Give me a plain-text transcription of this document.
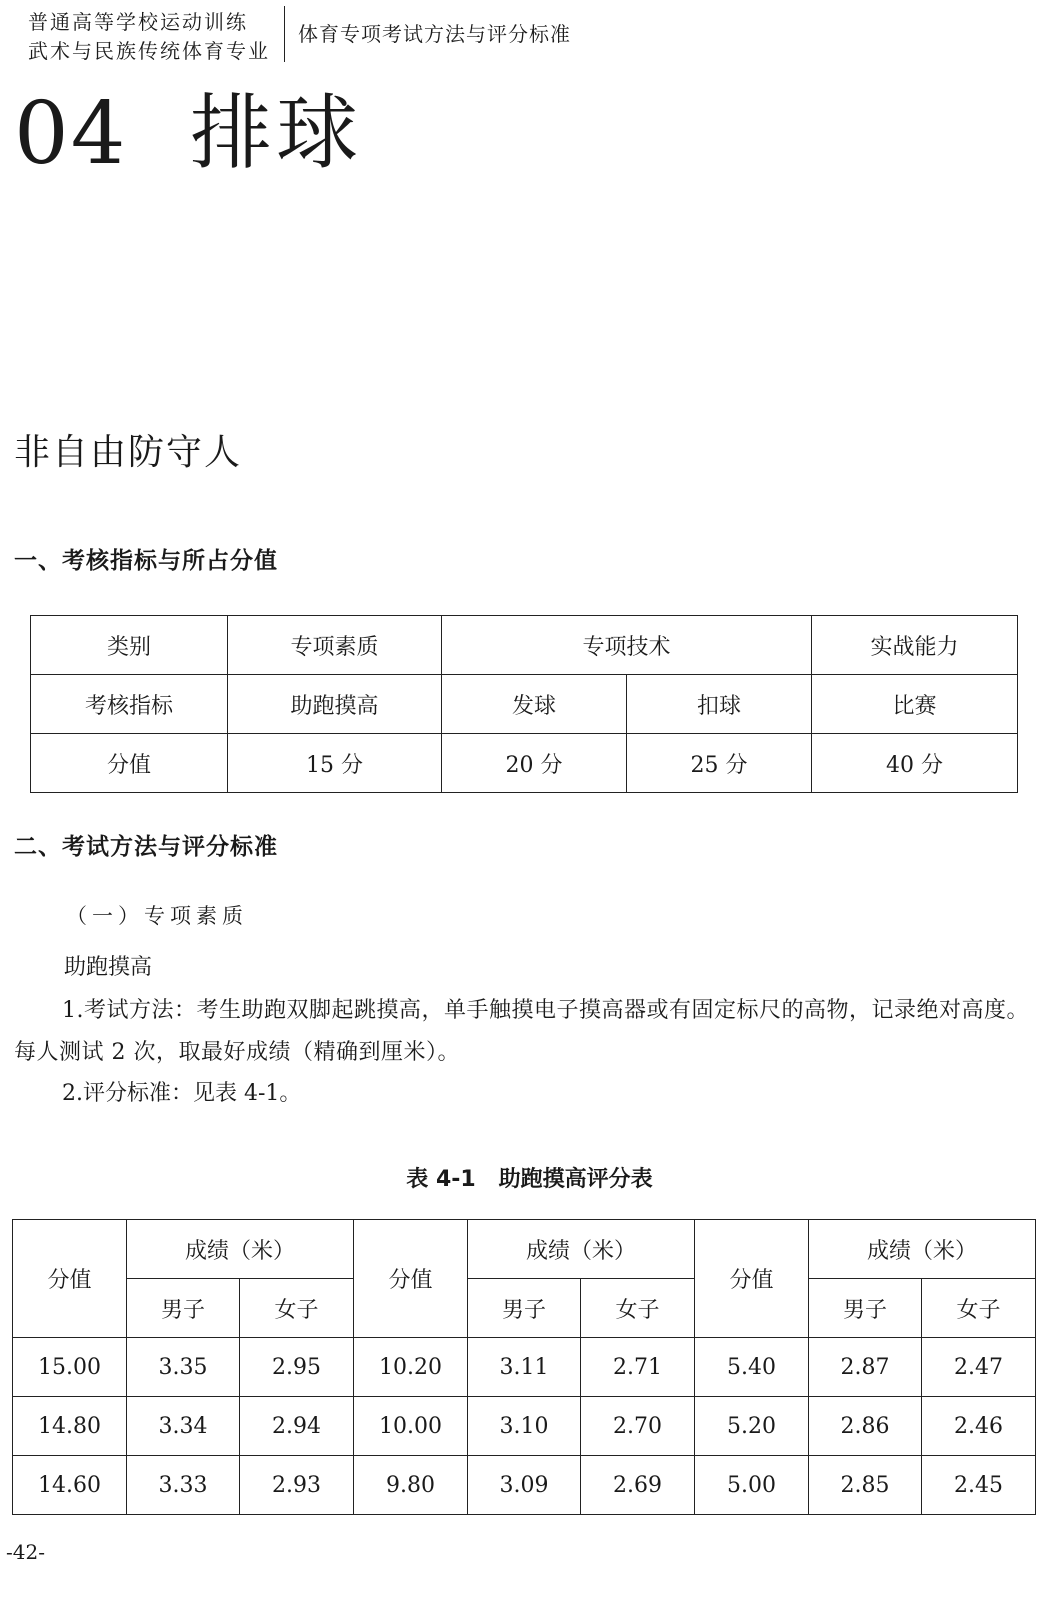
普通高等学校运动训练
武术与民族传统体育专业
体育专项考试方法与评分标准
04 排球
非自由防守人
一、考核指标与所占分值
类别	专项素质	专项技术		实战能力
考核指标	助跑摸高	发球	扣球	比赛
分值	15 分	20 分	25 分	40 分
二、考试方法与评分标准
（一）专项素质
助跑摸高
1.考试方法：考生助跑双脚起跳摸高，单手触摸电子摸高器或有固定标尺的高物，记录绝对高度。每人测试 2 次，取最好成绩（精确到厘米）。
2.评分标准：见表 4-1。
表 4-1   助跑摸高评分表
分值	成绩（米）		分值	成绩（米）		分值	成绩（米）	
	男子	女子		男子	女子		男子	女子
15.00	3.35	2.95	10.20	3.11	2.71	5.40	2.87	2.47
14.80	3.34	2.94	10.00	3.10	2.70	5.20	2.86	2.46
14.60	3.33	2.93	9.80	3.09	2.69	5.00	2.85	2.45
-42-
